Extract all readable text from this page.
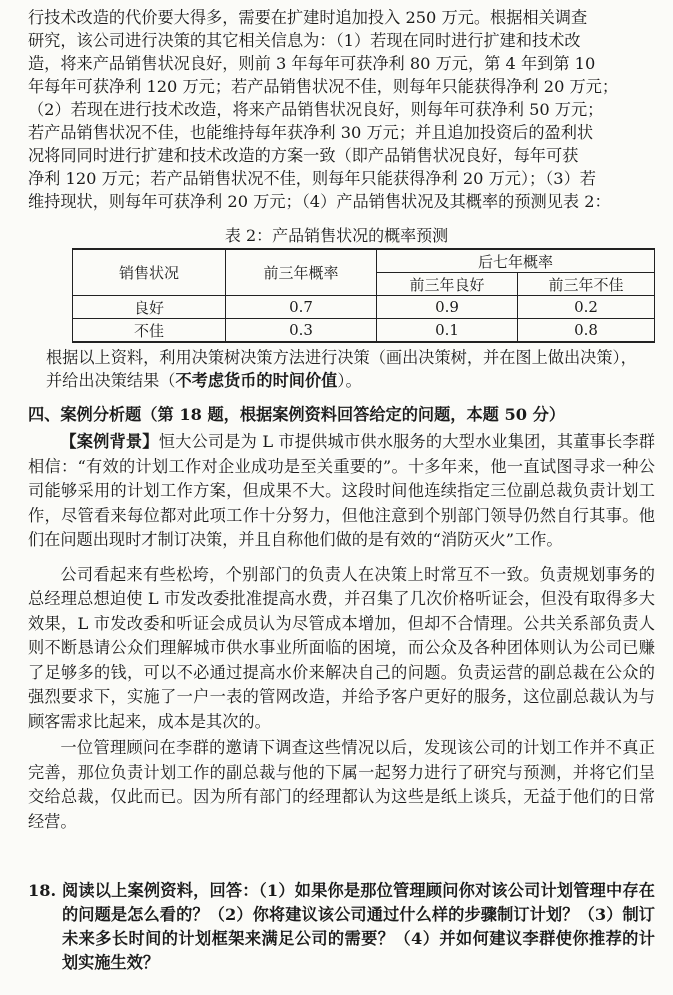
行技术改造的代价要大得多，需要在扩建时追加投入 250 万元。根据相关调查

研究，该公司进行决策的其它相关信息为：（1）若现在同时进行扩建和技术改

造，将来产品销售状况良好，则前 3 年每年可获净利 80 万元，第 4 年到第 10

年每年可获净利 120 万元；若产品销售状况不佳，则每年只能获得净利 20 万元；

（2）若现在进行技术改造，将来产品销售状况良好，则每年可获净利 50 万元；

若产品销售状况不佳，也能维持每年获净利 30 万元；并且追加投资后的盈利状

况将同同时进行扩建和技术改造的方案一致（即产品销售状况良好，每年可获

净利 120 万元；若产品销售状况不佳，则每年只能获得净利 20 万元）；（3）若

维持现状，则每年可获净利 20 万元；（4）产品销售状况及其概率的预测见表 2：

表 2：产品销售状况的概率预测
销售状况	前三年概率	后七年概率	
		前三年良好	前三年不佳
良好	0.7	0.9	0.2
不佳	0.3	0.1	0.8

根据以上资料，利用决策树决策方法进行决策（画出决策树，并在图上做出决策），

并给出决策结果（不考虑货币的时间价值）。

四、案例分析题（第 18 题，根据案例资料回答给定的问题，本题 50 分）

【案例背景】恒大公司是为 L 市提供城市供水服务的大型水业集团，其董事长李群相信：“有效的计划工作对企业成功是至关重要的”。十多年来，他一直试图寻求一种公司能够采用的计划工作方案，但成果不大。这段时间他连续指定三位副总裁负责计划工作，尽管看来每位都对此项工作十分努力，但他注意到个别部门领导仍然自行其事。他们在问题出现时才制订决策，并且自称他们做的是有效的“消防灭火”工作。

公司看起来有些松垮，个别部门的负责人在决策上时常互不一致。负责规划事务的总经理总想迫使 L 市发改委批准提高水费，并召集了几次价格听证会，但没有取得多大效果，L 市发改委和听证会成员认为尽管成本增加，但却不合情理。公共关系部负责人则不断恳请公众们理解城市供水事业所面临的困境，而公众及各种团体则认为公司已赚了足够多的钱，可以不必通过提高水价来解决自己的问题。负责运营的副总裁在公众的强烈要求下，实施了一户一表的管网改造，并给予客户更好的服务，这位副总裁认为与顾客需求比起来，成本是其次的。

一位管理顾问在李群的邀请下调查这些情况以后，发现该公司的计划工作并不真正完善，那位负责计划工作的副总裁与他的下属一起努力进行了研究与预测，并将它们呈交给总裁，仅此而已。因为所有部门的经理都认为这些是纸上谈兵，无益于他们的日常经营。

18. 阅读以上案例资料，回答：（1）如果你是那位管理顾问你对该公司计划管理中存在的问题是怎么看的？（2）你将建议该公司通过什么样的步骤制订计划？（3）制订未来多长时间的计划框架来满足公司的需要？（4）并如何建议李群使你推荐的计划实施生效？
